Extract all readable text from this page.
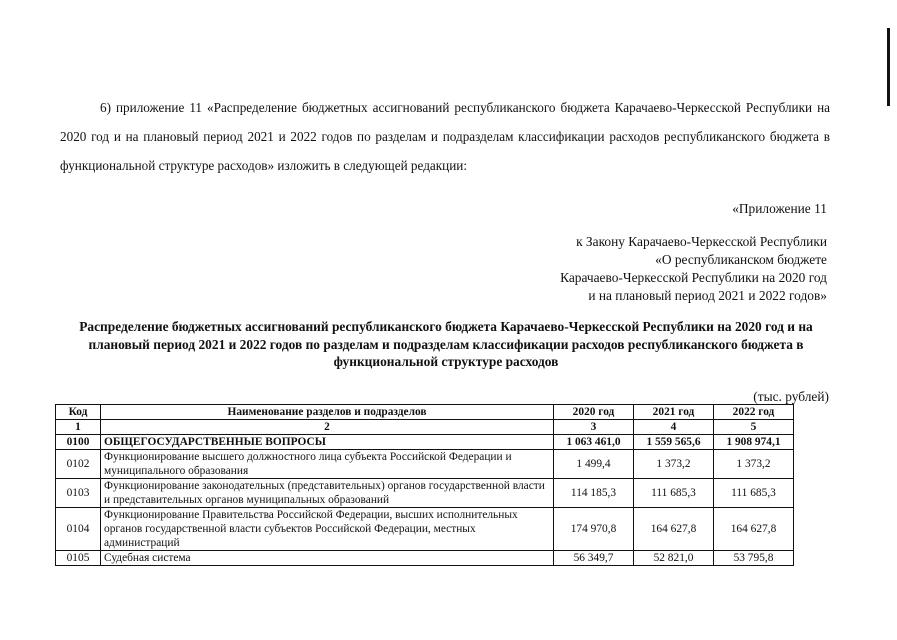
6) приложение 11 «Распределение бюджетных ассигнований республиканского бюджета Карачаево-Черкесской Республики на 2020 год и на плановый период 2021 и 2022 годов по разделам и подразделам классификации расходов республиканского бюджета в функциональной структуре расходов» изложить в следующей редакции:

«Приложение 11

к Закону Карачаево-Черкесской Республики
«О республиканском бюджете
Карачаево-Черкесской Республики на 2020 год
и на плановый период 2021 и 2022 годов»

Распределение бюджетных ассигнований республиканского бюджета Карачаево-Черкесской Республики на 2020 год и на плановый период 2021 и 2022 годов по разделам и подразделам классификации расходов республиканского бюджета в функциональной структуре расходов

(тыс. рублей)

Код	Наименование разделов и подразделов	2020 год	2021 год	2022 год
1	2	3	4	5
0100	ОБЩЕГОСУДАРСТВЕННЫЕ ВОПРОСЫ	1 063 461,0	1 559 565,6	1 908 974,1
0102	Функционирование высшего должностного лица субъекта Российской Федерации и муниципального образования	1 499,4	1 373,2	1 373,2
0103	Функционирование законодательных (представительных) органов государственной власти и представительных органов муниципальных образований	114 185,3	111 685,3	111 685,3
0104	Функционирование Правительства Российской Федерации, высших исполнительных органов государственной власти субъектов Российской Федерации, местных администраций	174 970,8	164 627,8	164 627,8
0105	Судебная система	56 349,7	52 821,0	53 795,8
